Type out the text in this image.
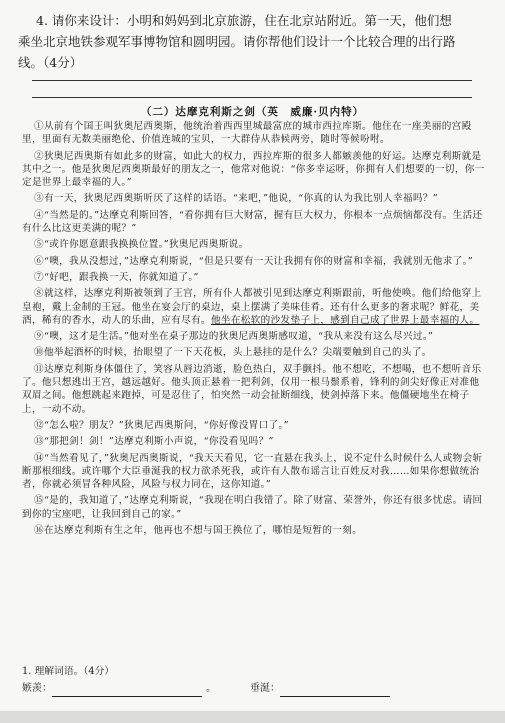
4. 请你来设计：小明和妈妈到北京旅游，住在北京站附近。第一天，他们想
乘坐北京地铁参观军事博物馆和圆明园。请你帮他们设计一个比较合理的出行路
线。（4分）
（二）达摩克利斯之剑（英　威廉·贝内特）

①从前有个国王叫狄奥尼西奥斯，他统治着西西里城最富庶的城市西拉库斯。他住在一座美丽的宫殿里，里面有无数美丽绝伦、价值连城的宝贝，一大群侍从恭候两旁，随时等候吩咐。

②狄奥尼西奥斯有如此多的财富，如此大的权力，西拉库斯的很多人都嫉羡他的好运。达摩克利斯就是其中之一。他是狄奥尼西奥斯最好的朋友之一，他常对他说：“你多幸运呀，你拥有人们想要的一切，你一定是世界上最幸福的人。”

③有一天，狄奥尼西奥斯听厌了这样的话语。“来吧，”他说，“你真的认为我比别人幸福吗？”

④“当然是的。”达摩克利斯回答，“看你拥有巨大财富，握有巨大权力，你根本一点烦恼都没有。生活还有什么比这更美满的呢？”

⑤“或许你愿意跟我换换位置。”狄奥尼西奥斯说。

⑥“噢，我从没想过，”达摩克利斯说，“但是只要有一天让我拥有你的财富和幸福，我就别无他求了。”

⑦“好吧，跟我换一天，你就知道了。”

⑧就这样，达摩克利斯被领到了王宫，所有仆人都被引见到达摩克利斯跟前，听他使唤。他们给他穿上皇袍，戴上金制的王冠。他坐在宴会厅的桌边，桌上摆满了美味佳肴。还有什么更多的奢求呢？鲜花，美酒，稀有的香水，动人的乐曲，应有尽有。他坐在松软的沙发垫子上，感到自己成了世界上最幸福的人。

⑨“噢，这才是生活。”他对坐在桌子那边的狄奥尼西奥斯感叹道，“我从来没有这么尽兴过。”

⑩他举起酒杯的时候，抬眼望了一下天花板，头上悬挂的是什么？尖端要触到自己的头了。

⑪达摩克利斯身体僵住了，笑容从唇边消逝，脸色热白，双手颤抖。他不想吃，不想喝，也不想听音乐了。他只想逃出王宫，越远越好。他头顶正悬着一把利剑，仅用一根马鬃系着，锋利的剑尖好像正对准他双眉之间。他想跳起来跑掉，可是忍住了，怕突然一动会扯断细线，使剑掉落下来。他僵硬地坐在椅子上，一动不动。

⑫“怎么啦？朋友？”狄奥尼西奥斯问，“你好像没胃口了。”

⑬“那把剑！剑！”达摩克利斯小声说，“你没看见吗？”

⑭“当然看见了，”狄奥尼西奥斯说，“我天天看见，它一直悬在我头上，说不定什么时候什么人或物会斩断那根细线。或许哪个大臣垂涎我的权力欲杀死我，或许有人散布谣言让百姓反对我……如果你想做统治者，你就必须冒各种风险，风险与权力同在，这你知道。”

⑮“是的，我知道了，”达摩克利斯说，“我现在明白我错了。除了财富、荣誉外，你还有很多忧虑。请回到你的宝座吧，让我回到自己的家。”

⑯在达摩克利斯有生之年，他再也不想与国王换位了，哪怕是短暂的一刻。

1. 理解词语。（4分）
嫉羡：	。	垂涎：
